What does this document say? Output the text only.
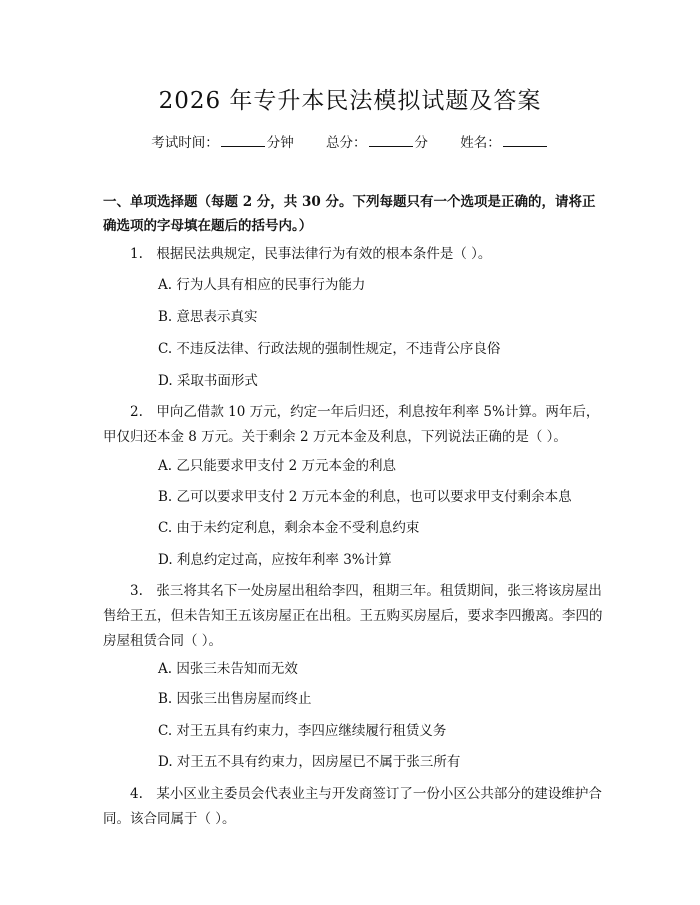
2026 年专升本民法模拟试题及答案
考试时间：	分钟 总分：	分 姓名：
一、单项选择题（每题 2 分，共 30 分。下列每题只有一个选项是正确的，请将正确选项的字母填在题后的括号内。）
1.　根据民法典规定，民事法律行为有效的根本条件是（ ）。
A. 行为人具有相应的民事行为能力
B. 意思表示真实
C. 不违反法律、行政法规的强制性规定，不违背公序良俗
D. 采取书面形式
2.　甲向乙借款 10 万元，约定一年后归还，利息按年利率 5%计算。两年后，甲仅归还本金 8 万元。关于剩余 2 万元本金及利息，下列说法正确的是（ ）。
A. 乙只能要求甲支付 2 万元本金的利息
B. 乙可以要求甲支付 2 万元本金的利息，也可以要求甲支付剩余本息
C. 由于未约定利息，剩余本金不受利息约束
D. 利息约定过高，应按年利率 3%计算
3.　张三将其名下一处房屋出租给李四，租期三年。租赁期间，张三将该房屋出售给王五，但未告知王五该房屋正在出租。王五购买房屋后，要求李四搬离。李四的房屋租赁合同（ ）。
A. 因张三未告知而无效
B. 因张三出售房屋而终止
C. 对王五具有约束力，李四应继续履行租赁义务
D. 对王五不具有约束力，因房屋已不属于张三所有
4.　某小区业主委员会代表业主与开发商签订了一份小区公共部分的建设维护合同。该合同属于（ ）。
